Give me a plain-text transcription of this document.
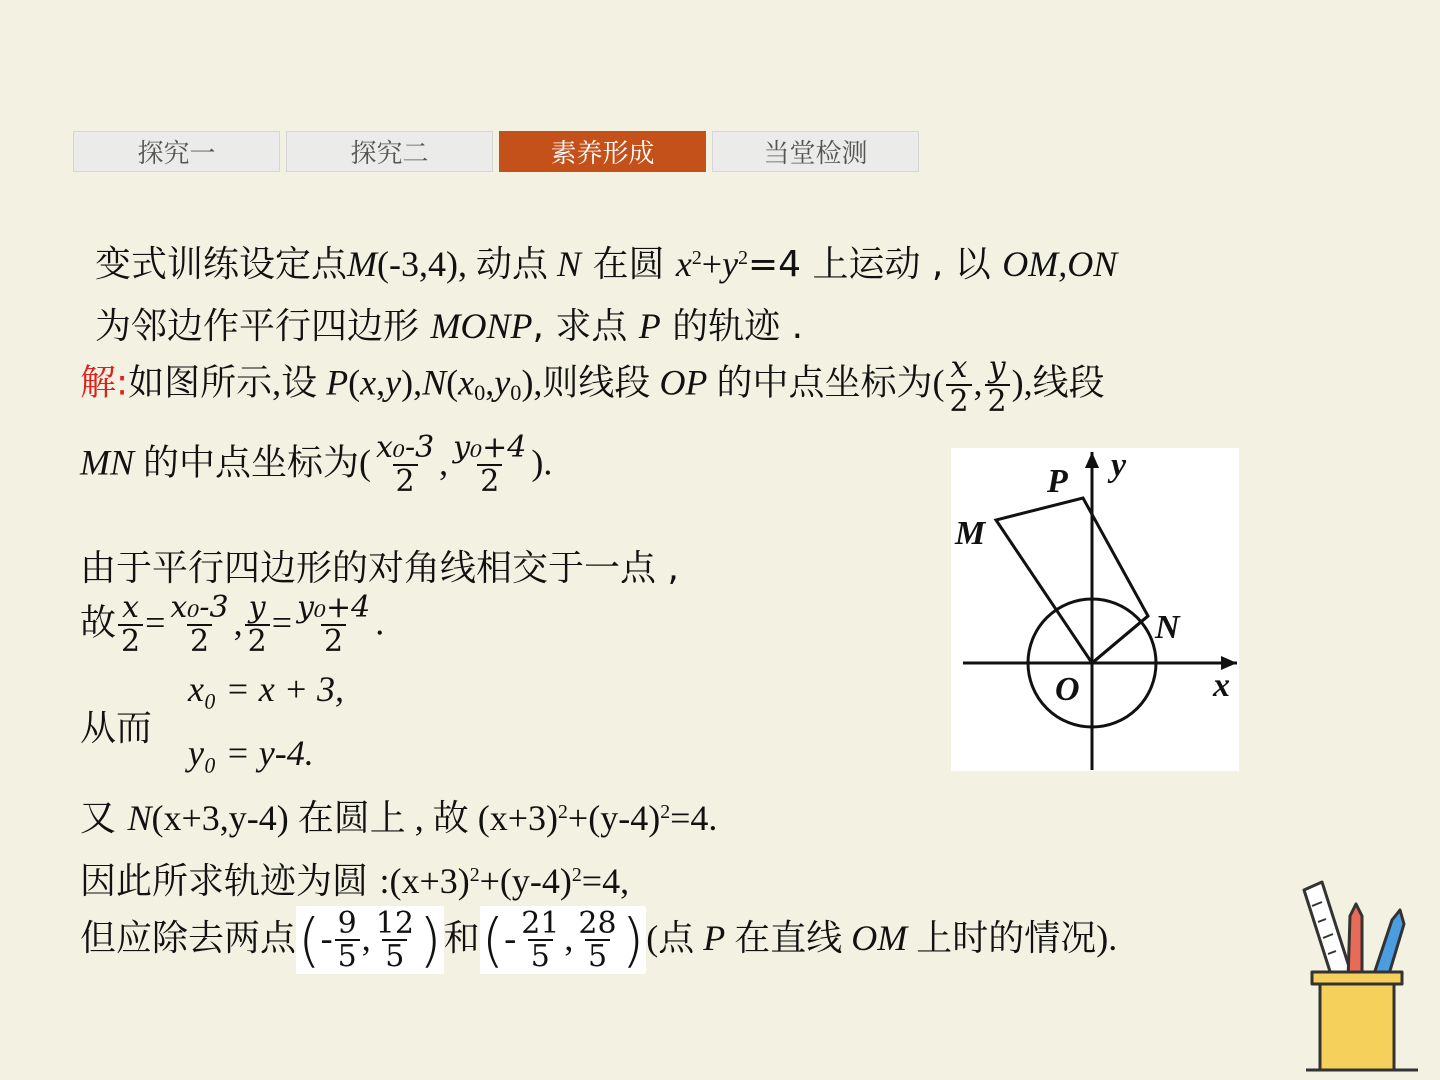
探究一	探究二	素养形成	当堂检测
变式训练设定点M(-3,4), 动点 N 在圆 $x^2+y^2=4$ 上运动 , 以 OM,ON
为邻边作平行四边形 MONP, 求点 P 的轨迹 .
解:如图所示,设 $P(x,y),N(x_0,y_0)$,则线段 OP 的中点坐标为( $\frac{x}{2}$ , $\frac{y}{2}$ ),线段
MN 的中点坐标为( $\frac{\text{x₀-3}}{2}$ , $\frac{\text{y₀+4}}{2}$ ).
由于平行四边形的对角线相交于一点 ,
故 $\frac{x}{2} = \frac{\text{x₀-3}}{2}$ , $\frac{y}{2} = \frac{\text{y₀+4}}{2}$ .
从而
x₀ = x + 3,
y₀ = y-4.
又 N(x+3,y-4) 在圆上 , 故 $(x+3)^2+(y-4)^2=4$.
因此所求轨迹为圆 $:(x+3)^2+(y-4)^2=4$,
但应除去两点(- $\frac{9}{5}$ , $\frac{12}{5}$ )和(- $\frac{21}{5}$ , $\frac{28}{5}$ )(点 P 在直线 OM 上时的情况).
P y
M
N
O	x
